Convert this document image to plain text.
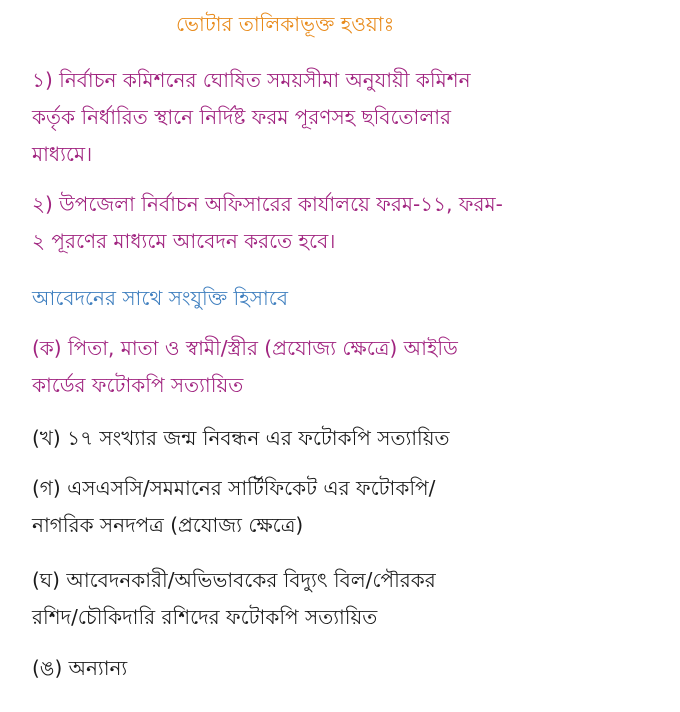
ভোটার তালিকাভূক্ত হওয়াঃ
১) নির্বাচন কমিশনের ঘোষিত সময়সীমা অনুযায়ী কমিশন
কর্তৃক নির্ধারিত স্থানে নির্দিষ্ট ফরম পূরণসহ ছবিতোলার
মাধ্যমে।
২) উপজেলা নির্বাচন অফিসারের কার্যালয়ে ফরম-১১, ফরম-
২ পূরণের মাধ্যমে আবেদন করতে হবে।
আবেদনের সাথে সংযুক্তি হিসাবে
(ক) পিতা, মাতা ও স্বামী/স্ত্রীর (প্রযোজ্য ক্ষেত্রে) আইডি
কার্ডের ফটোকপি সত্যায়িত
(খ) ১৭ সংখ্যার জন্ম নিবন্ধন এর ফটোকপি সত্যায়িত
(গ) এসএসসি/সমমানের সার্টিফিকেট এর ফটোকপি/
নাগরিক সনদপত্র (প্রযোজ্য ক্ষেত্রে)
(ঘ) আবেদনকারী/অভিভাবকের বিদ্যুৎ বিল/পৌরকর
রশিদ/চৌকিদারি রশিদের ফটোকপি সত্যায়িত
(ঙ) অন্যান্য
